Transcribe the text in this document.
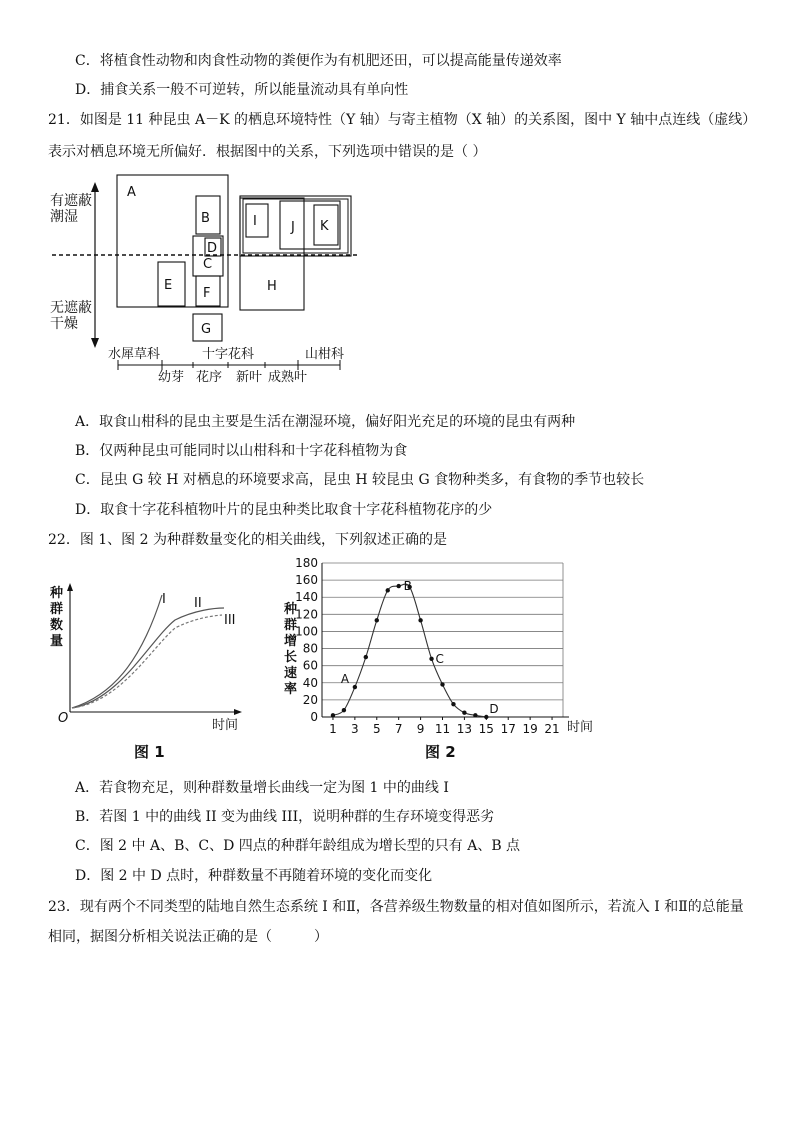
C．将植食性动物和肉食性动物的粪便作为有机肥还田，可以提高能量传递效率
D．捕食关系一般不可逆转，所以能量流动具有单向性
21．如图是 11 种昆虫 A－K 的栖息环境特性（Y 轴）与寄主植物（X 轴）的关系图，图中 Y 轴中点连线（虚线）
表示对栖息环境无所偏好．根据图中的关系，下列选项中错误的是（ ）
有遮蔽
潮湿
无遮蔽
干燥
A
B
C
D
E
F
G
H
I	J K
水犀草科	十字花科	山柑科
幼芽 花序 新叶 成熟叶
A．取食山柑科的昆虫主要是生活在潮湿环境，偏好阳光充足的环境的昆虫有两种
B．仅两种昆虫可能同时以山柑科和十字花科植物为食
C．昆虫 G 较 H 对栖息的环境要求高，昆虫 H 较昆虫 G 食物种类多，有食物的季节也较长
D．取食十字花科植物叶片的昆虫种类比取食十字花科植物花序的少
22．图 1、图 2 为种群数量变化的相关曲线，下列叙述正确的是
种
群
数
量
O	时间
I II
III
图 1
0
20
40
60
80
100
120
140
160
180
1 3 5 7 9 11 13 15 17 19 21
A
B
C
D
种
群
增
长
速
率
时间
图 2
A．若食物充足，则种群数量增长曲线一定为图 1 中的曲线 I
B．若图 1 中的曲线 II 变为曲线 III，说明种群的生存环境变得恶劣
C．图 2 中 A、B、C、D 四点的种群年龄组成为增长型的只有 A、B 点
D．图 2 中 D 点时，种群数量不再随着环境的变化而变化
23．现有两个不同类型的陆地自然生态系统 I 和Ⅱ，各营养级生物数量的相对值如图所示，若流入 I 和Ⅱ的总能量
相同，据图分析相关说法正确的是（　　　）
